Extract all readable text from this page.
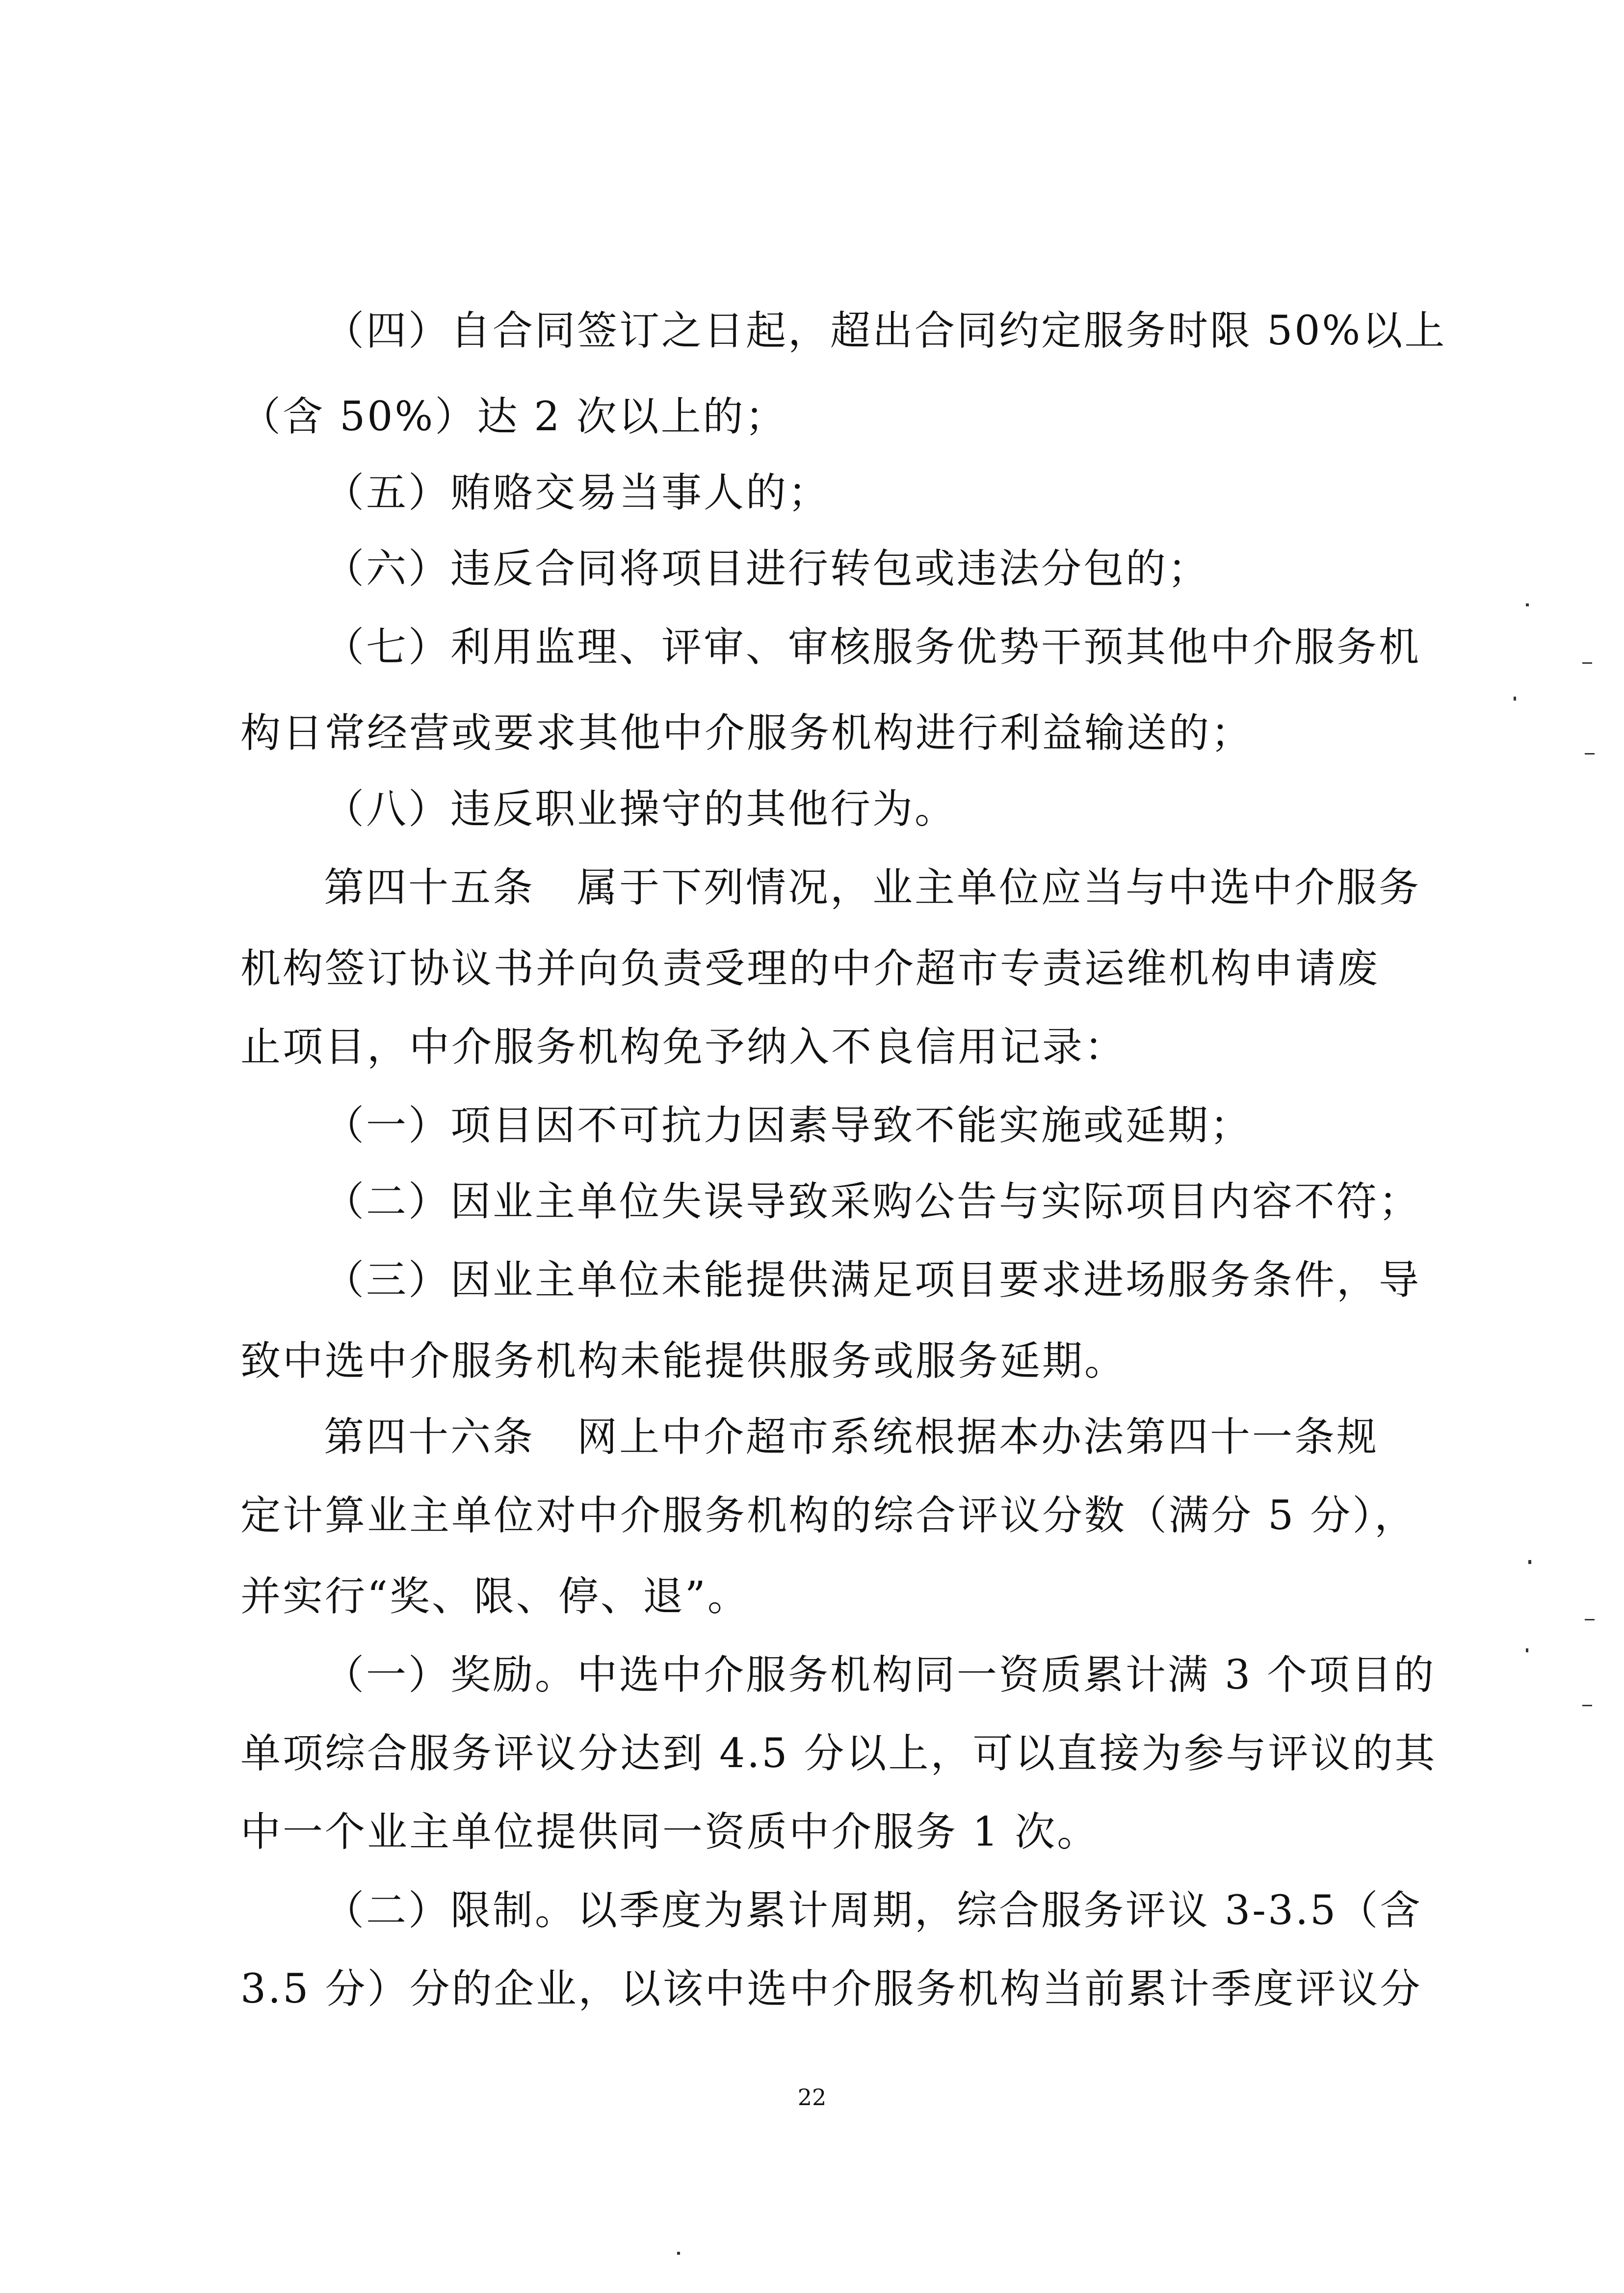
（四）自合同签订之日起，超出合同约定服务时限 50%以上
（含 50%）达 2 次以上的；
（五）贿赂交易当事人的；
（六）违反合同将项目进行转包或违法分包的；
（七）利用监理、评审、审核服务优势干预其他中介服务机
构日常经营或要求其他中介服务机构进行利益输送的；
（八）违反职业操守的其他行为。
第四十五条　属于下列情况，业主单位应当与中选中介服务
机构签订协议书并向负责受理的中介超市专责运维机构申请废
止项目，中介服务机构免予纳入不良信用记录：
（一）项目因不可抗力因素导致不能实施或延期；
（二）因业主单位失误导致采购公告与实际项目内容不符；
（三）因业主单位未能提供满足项目要求进场服务条件，导
致中选中介服务机构未能提供服务或服务延期。
第四十六条　网上中介超市系统根据本办法第四十一条规
定计算业主单位对中介服务机构的综合评议分数（满分 5 分），
并实行“奖、限、停、退”。
（一）奖励。中选中介服务机构同一资质累计满 3 个项目的
单项综合服务评议分达到 4.5 分以上，可以直接为参与评议的其
中一个业主单位提供同一资质中介服务 1 次。
（二）限制。以季度为累计周期，综合服务评议 3-3.5（含
3.5 分）分的企业，以该中选中介服务机构当前累计季度评议分
22
